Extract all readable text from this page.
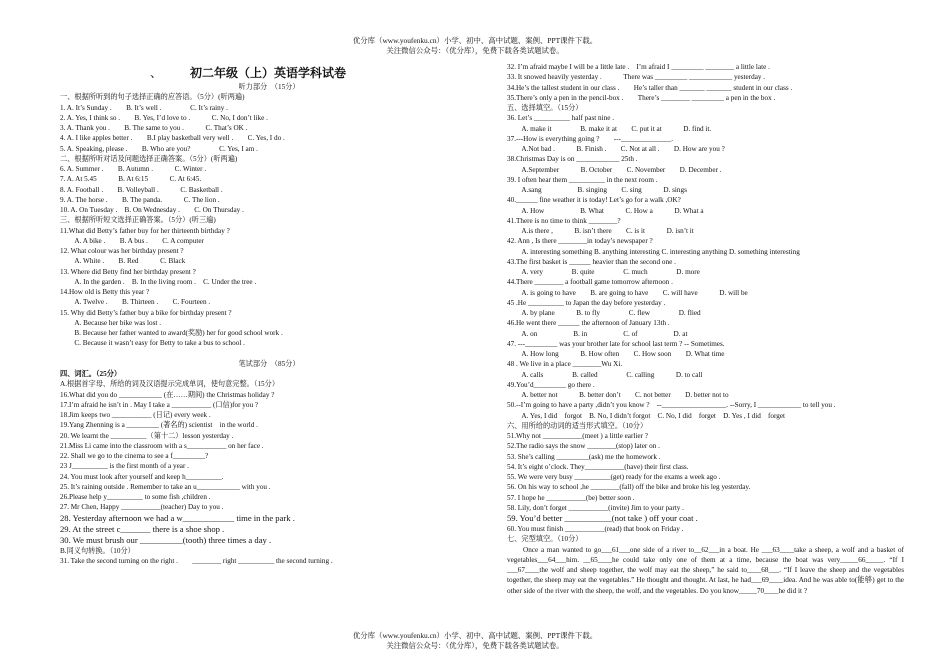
优分库（www.youfenku.cn）小学、初中、高中试题、案例、PPT课件下载。
关注微信公众号：（优分库），免费下载各类试题试卷。
、 初二年级（上）英语学科试卷
听力部分　（15分）
一、根据所听到的句子选择正确的应答语。（5分）(听两遍)
1. A. It’s Sunday .　　B. It’s well .　　　　C. It’s rainy .
2. A. Yes, I think so .　　B. Yes, I’d love to .　　　C. No, I don’t like .
3. A. Thank you .　　B. The same to you .　　　C. That’s OK .
4. A. I like apples better .　　B.I play basketball very well .　　C. Yes, I do .
5. A. Speaking, please .　　B. Who are you?　　　　C. Yes, I am .
二、根据所听对话及问题选择正确答案。（5分）(听两遍)
6. A. Summer .　　B. Autumn .　　　C. Winter .
7. A. At 5.45　　　B. At 6:15　　　C. At 6:45.
8. A. Football .　　B. Volleyball .　　　C. Basketball .
9. A. The horse .　　B. The panda.　　　C. The lion .
10. A. On Tuesday .　B. On Wednesday .　　C. On Thursday .
三、根据所听短文选择正确答案。（5分）(听三遍)
11.What did Betty’s father buy for her thirteenth birthday ?
　　A. A bike .　　B. A bus .　　C. A computer
12. What colour was her birthday present ?
　　A. White .　　B. Red　　　C. Black
13. Where did Betty find her birthday present ?
　　A. In the garden .　B. In the living room .　C. Under the tree .
14.How old is Betty this year ?
　　A. Twelve .　　B. Thirteen .　　C. Fourteen .
15. Why did Betty’s father buy a bike for birthday present ?
　　A. Because her bike was lost .
　　B. Because her father wanted to award(奖励) her for good school work .
　　C. Because it wasn’t easy for Betty to take a bus to school .

笔试部分　（85分）
四、词汇。（25分）
A.根据首字母、所给的词及汉语提示完成单词，使句意完整。（15分）
16.What did you do ____________ (在……期间) the Christmas holiday ?
17.I’m afraid he isn’t in . May I take a ___________ (口信)for you ?
18.Jim keeps two ___________ (日记) every week .
19.Yang Zhenning is a _________ (著名的) scientist　in the world .
20. We learnt the __________（第十二）lesson yesterday .
21.Miss Li came into the classroom with a s___________ on her face .
22. Shall we go to the cinema to see a f_________?
23 J__________ is the first month of a year .
24. You must look after yourself and keep h__________.
25. It’s raining outside . Remember to take an u____________ with you .
26.Please help y__________ to some fish ,children .
27. Mr Chen, Happy ___________(teacher) Day to you .
28. Yesterday afternoon we had a w____________ time in the park .
29. At the street c_______ there is a shoe shop .
30. We must brush our __________(tooth) three times a day .
B.同义句转换。（10分）
31. Take the second turning on the right .　　________ right __________ the second turning .
32. I’m afraid maybe I will be a little late .　I’m afraid I _________ ________ a little late .
33. It snowed heavily yesterday .　　　There was _________ ____________ yesterday .
34.He’s the tallest student in our class .　　He’s taller than _______ _______ student in our class .
35.There’s only a pen in the pencil-box .　　There’s ________ _________ a pen in the box .
五、选择填空。（15分）
36. Let’s __________ half past nine .
　　A. make it　　　　B. make it at　　C. put it at　　　D. find it.
37.---How is everything going ?　　---______________.
　　A.Not bad .　　　B. Finish .　　C. Not at all .　　D. How are you ?
38.Christmas Day is on ____________ 25th .
　　A.September　　　B. October　　C. November　　D. December .
39. I often hear them __________ in the next room .
　　A.sang　　　　　B. singing　　C. sing　　　D. sings
40.______ fine weather it is today! Let’s go for a walk ,OK?
　　A. How　　　　　B. What　　　C. How a　　　D. What a
41.There is no time to think ________?
　　A.is there ,　　　B. isn’t there　　C. is it　　　D. isn’t it
42. Ann , Is there ________in today’s newspaper ?
　　A. interesting something B. anything interesting C. interesting anything D. something interesting
43.The first basket is ______ heavier than the second one .
　　A. very　　　　B. quite　　　　C. much　　　　D. more
44.There ________ a football game tomorrow afternoon .
　　A. is going to have　　B. are going to have　　C. will have　　　D. will be
45 .He __________ to Japan the day before yesterday .
　　A. by plane　　　B. to fly　　　　C. flew　　　　D. flied
46.He went there ______ the afternoon of January 13th .
　　A. on　　　　　B. in　　　　　C. of　　　　　D. at
47. ---_________ was your brother late for school last term ? -- Sometimes.
　　A. How long　　　B. How often　　C. How soon　　D. What time
48 . We live in a place ________Wu Xi.
　　A. calls　　　　B. called　　　　C. calling　　　D. to call
49.You’d_________ go there .
　　A. better not　　　B. better don’t　　C. not better　　D. better not to
50.--I’m going to have a party ,didn’t you know ?　--__________________. --Sorry, I ____________ to tell you .
　　A. Yes, I did　forgot　B. No, I didn’t forgot　C. No, I did　forget　D. Yes , I did　forget
六、用所给的动词的适当形式填空。（10分）
51.Why not ___________(meet ) a little earlier ?
52.The radio says the snow ________(stop) later on .
53. She’s calling _________(ask) me the homework .
54. It’s eight o’clock. They___________(have) their first class.
55. We were very busy __________(get) ready for the exams a week ago .
56. On his way to school ,he ________(fall) off the bike and broke his leg yesterday.
57. I hope he ___________(be) better soon .
58. Lily, don’t forget ___________(invite) Jim to your party .
59. You’d better ___________(not take ) off your coat .
60. You must finish ___________(read) that book on Friday .
七、完型填空。（10分）
Once a man wanted to go___61___one side of a river to__62___in a boat. He ___63____take a sheep, a wolf and a basket of vegetables___64___him. __65____he could take only one of them at a time, because the boat was very_____66_____. “If I ___67____the wolf and sheep together, the wolf may eat the sheep,” he said to____68___. “If I leave the sheep and the vegetables together, the sheep may eat the vegetables.” He thought and thought. At last, he had___69____idea. And he was able to(能够) get to the other side of the river with the sheep, the wolf, and the vegetables. Do you know_____70____he did it ?
优分库（www.youfenku.cn）小学、初中、高中试题、案例、PPT课件下载。
关注微信公众号：（优分库），免费下载各类试题试卷。
